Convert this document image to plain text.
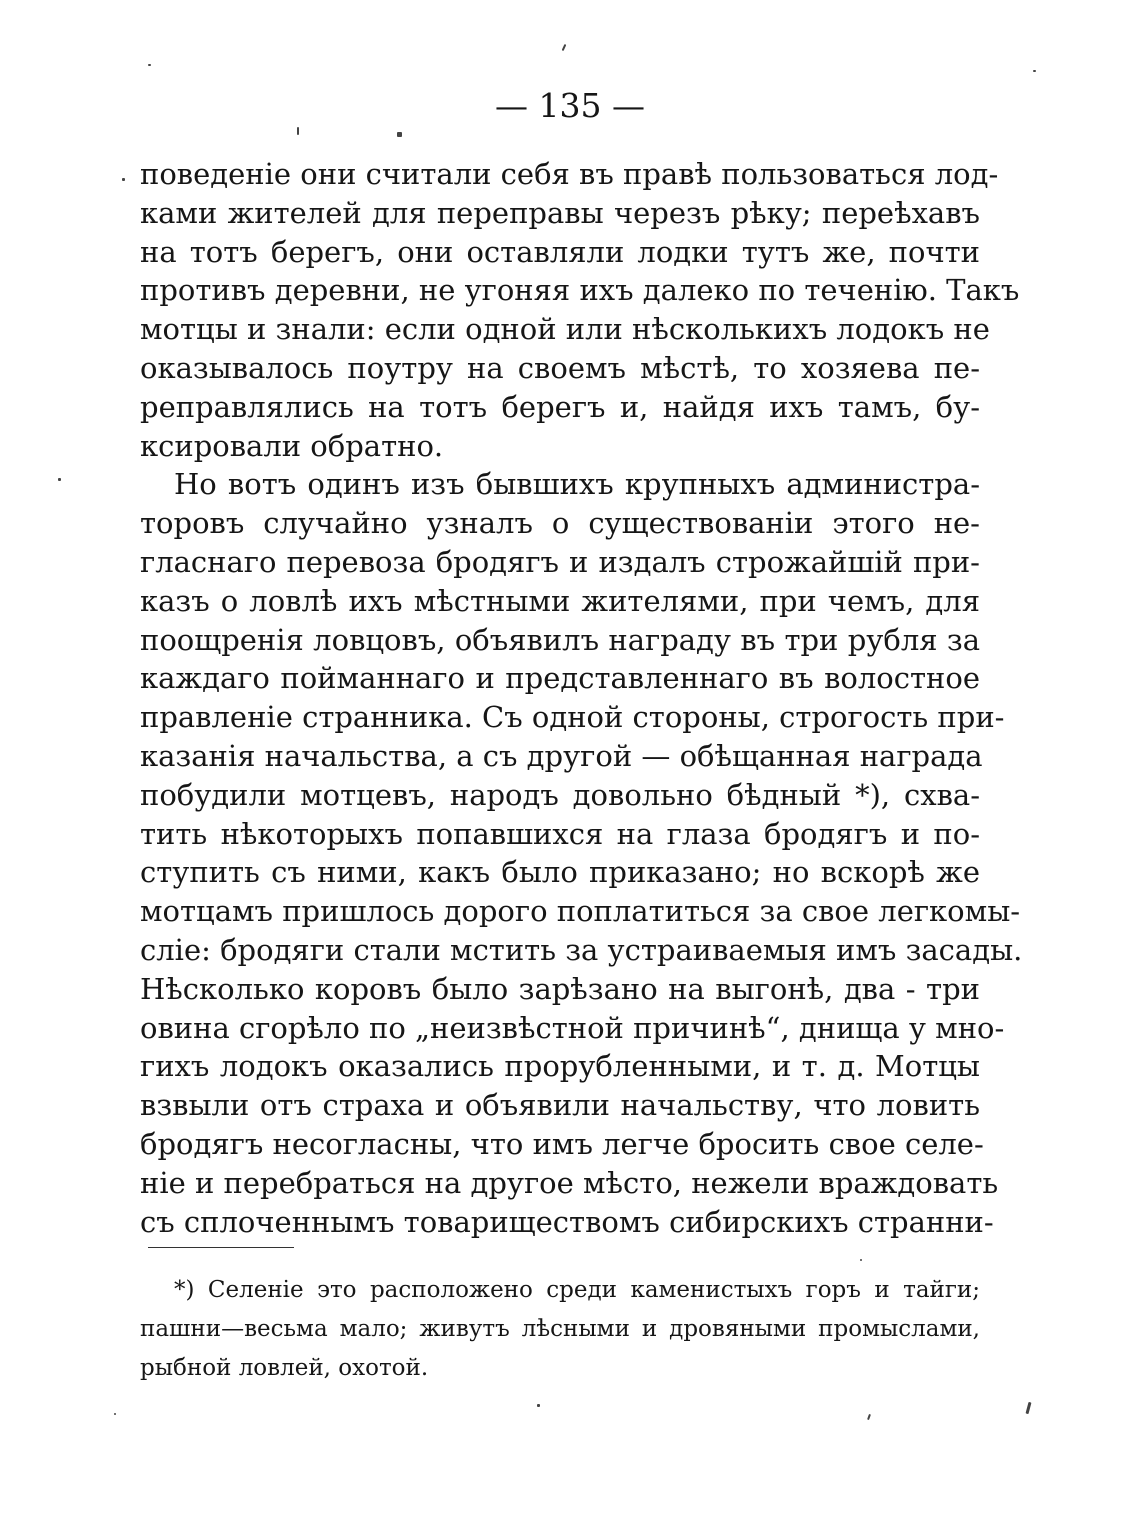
— 135 —
поведеніе они считали себя въ правѣ пользоваться лод-
ками жителей для переправы черезъ рѣку; переѣхавъ
на тотъ берегъ, они оставляли лодки тутъ же, почти
противъ деревни, не угоняя ихъ далеко по теченію. Такъ
мотцы и знали: если одной или нѣсколькихъ лодокъ не
оказывалось поутру на своемъ мѣстѣ, то хозяева пе-
реправлялись на тотъ берегъ и, найдя ихъ тамъ, бу-
ксировали обратно.
Но вотъ одинъ изъ бывшихъ крупныхъ администра-
торовъ случайно узналъ о существованіи этого не-
гласнаго перевоза бродягъ и издалъ строжайшій при-
казъ о ловлѣ ихъ мѣстными жителями, при чемъ, для
поощренія ловцовъ, объявилъ награду въ три рубля за
каждаго пойманнаго и представленнаго въ волостное
правленіе странника. Съ одной стороны, строгость при-
казанія начальства, а съ другой — обѣщанная награда
побудили мотцевъ, народъ довольно бѣдный *), схва-
тить нѣкоторыхъ попавшихся на глаза бродягъ и по-
ступить съ ними, какъ было приказано; но вскорѣ же
мотцамъ пришлось дорого поплатиться за свое легкомы-
сліе: бродяги стали мстить за устраиваемыя имъ засады.
Нѣсколько коровъ было зарѣзано на выгонѣ, два - три
овина сгорѣло по „неизвѣстной причинѣ“, днища у мно-
гихъ лодокъ оказались прорубленными, и т. д. Мотцы
взвыли отъ страха и объявили начальству, что ловить
бродягъ несогласны, что имъ легче бросить свое селе-
ніе и перебраться на другое мѣсто, нежели враждовать
съ сплоченнымъ товариществомъ сибирскихъ странни-
*) Селеніе это расположено среди каменистыхъ горъ и тайги;
пашни—весьма мало; живутъ лѣсными и дровяными промыслами,
рыбной ловлей, охотой.
